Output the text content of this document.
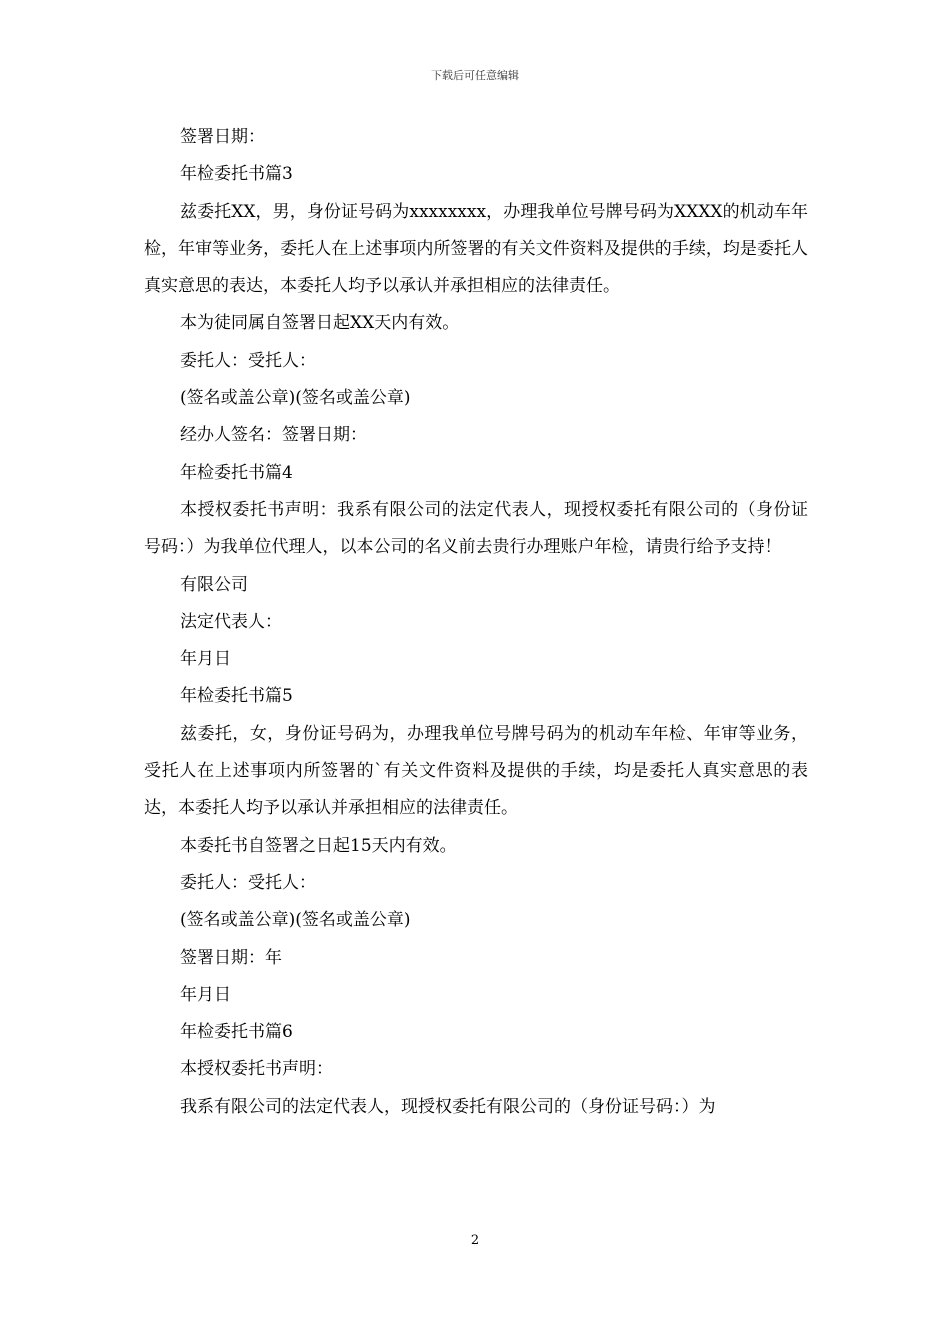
下载后可任意编辑

签署日期：

年检委托书篇3

兹委托XX，男，身份证号码为xxxxxxxx，办理我单位号牌号码为XXXX的机动车年检，年审等业务，委托人在上述事项内所签署的有关文件资料及提供的手续，均是委托人真实意思的表达，本委托人均予以承认并承担相应的法律责任。

本为徒同属自签署日起XX天内有效。

委托人：受托人：

(签名或盖公章)(签名或盖公章)

经办人签名：签署日期：

年检委托书篇4

本授权委托书声明：我系有限公司的法定代表人，现授权委托有限公司的（身份证号码：）为我单位代理人，以本公司的名义前去贵行办理账户年检，请贵行给予支持！

有限公司

法定代表人：

年月日

年检委托书篇5

兹委托，女，身份证号码为，办理我单位号牌号码为的机动车年检、年审等业务，受托人在上述事项内所签署的`有关文件资料及提供的手续，均是委托人真实意思的表达，本委托人均予以承认并承担相应的法律责任。

本委托书自签署之日起15天内有效。

委托人：受托人：

(签名或盖公章)(签名或盖公章)

签署日期：年

年月日

年检委托书篇6

本授权委托书声明：

我系有限公司的法定代表人，现授权委托有限公司的（身份证号码：）为

2
